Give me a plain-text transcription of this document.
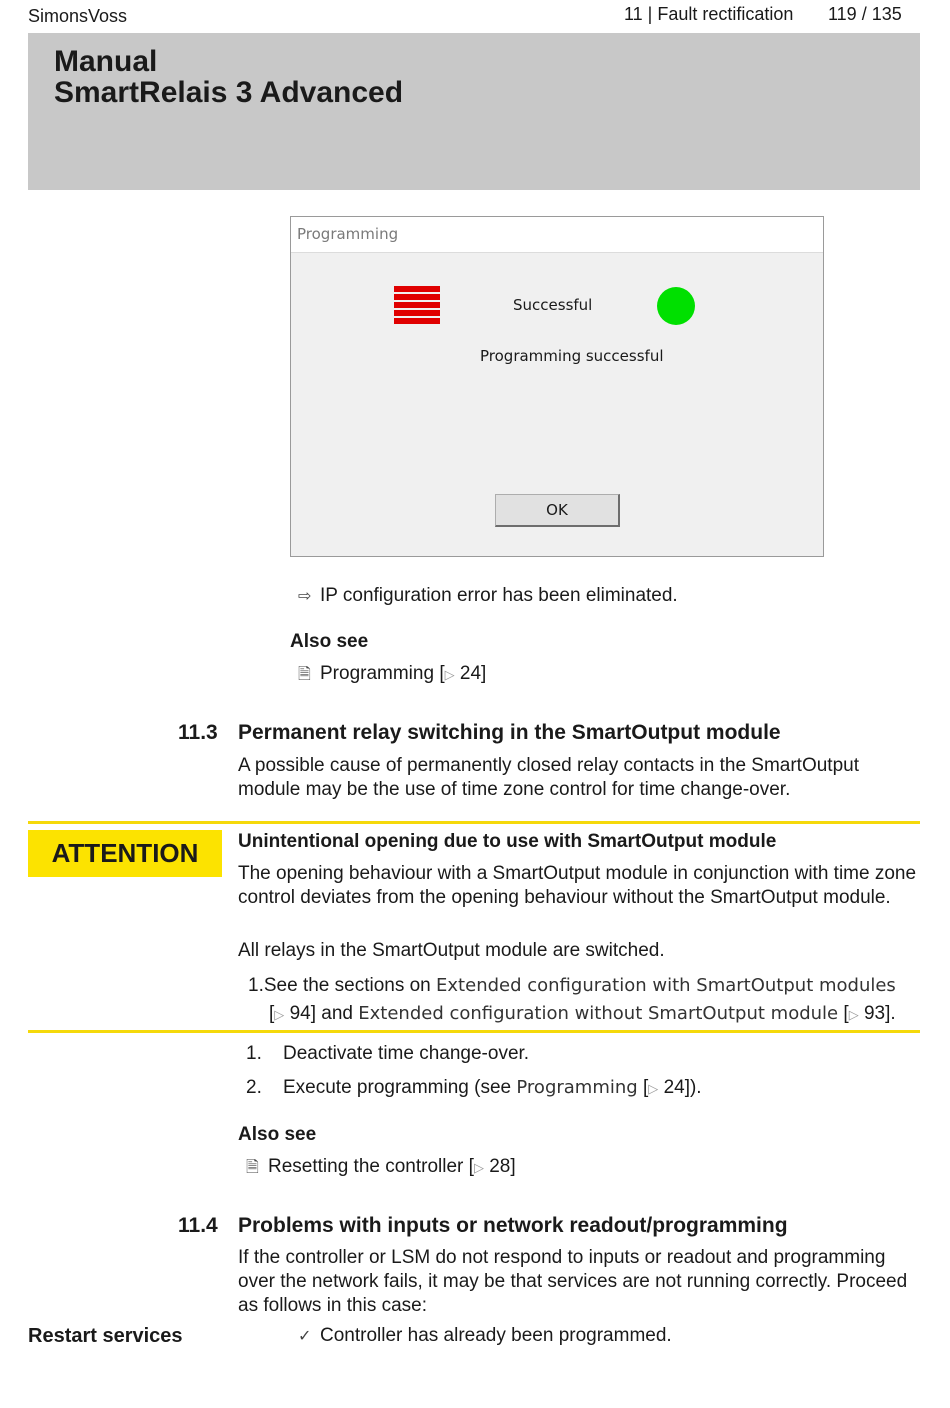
SimonsVoss	11 | Fault rectification 119 / 135
Manual
SmartRelais 3 Advanced
Programming
Successful
Programming successful
OK
⇨ IP configuration error has been eliminated.
Also see
🗎 Programming [▷ 24]
11.3 Permanent relay switching in the SmartOutput module
A possible cause of permanently closed relay contacts in the SmartOutput module may be the use of time zone control for time change-over.
ATTENTION	Unintentional opening due to use with SmartOutput module
The opening behaviour with a SmartOutput module in conjunction with time zone control deviates from the opening behaviour without the SmartOutput module.
All relays in the SmartOutput module are switched.
1.See the sections on Extended configuration with SmartOutput modules
[▷ 94] and Extended configuration without SmartOutput module [▷ 93].
1. Deactivate time change-over.
2. Execute programming (see Programming [▷ 24]).
Also see
🗎 Resetting the controller [▷ 28]
11.4 Problems with inputs or network readout/programming
If the controller or LSM do not respond to inputs or readout and programming over the network fails, it may be that services are not running correctly. Proceed as follows in this case:
Restart services	✓ Controller has already been programmed.
